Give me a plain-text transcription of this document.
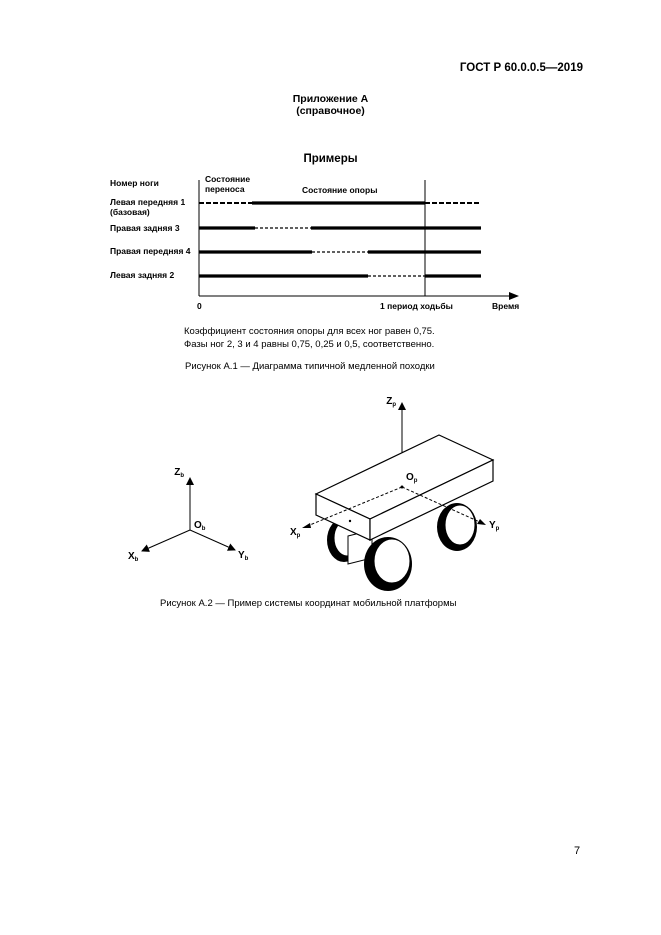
ГОСТ Р 60.0.0.5—2019
Приложение А
(справочное)
Примеры
Номер ноги	Состояние
переноса	Состояние опоры
Левая передняя 1
(базовая)
Правая задняя 3
Правая передняя 4
Левая задняя 2
0	1 период ходьбы	Время
Коэффициент состояния опоры для всех ног равен 0,75.
Фазы ног 2, 3 и 4 равны 0,75, 0,25 и 0,5, соответственно.
Рисунок А.1 — Диаграмма типичной медленной походки
$Z_b$
$O_b$
$X_b$	$Y_b$
$Z_p$
$O_p$
$X_p$
$Y_p$
Рисунок А.2 — Пример системы координат мобильной платформы
7
